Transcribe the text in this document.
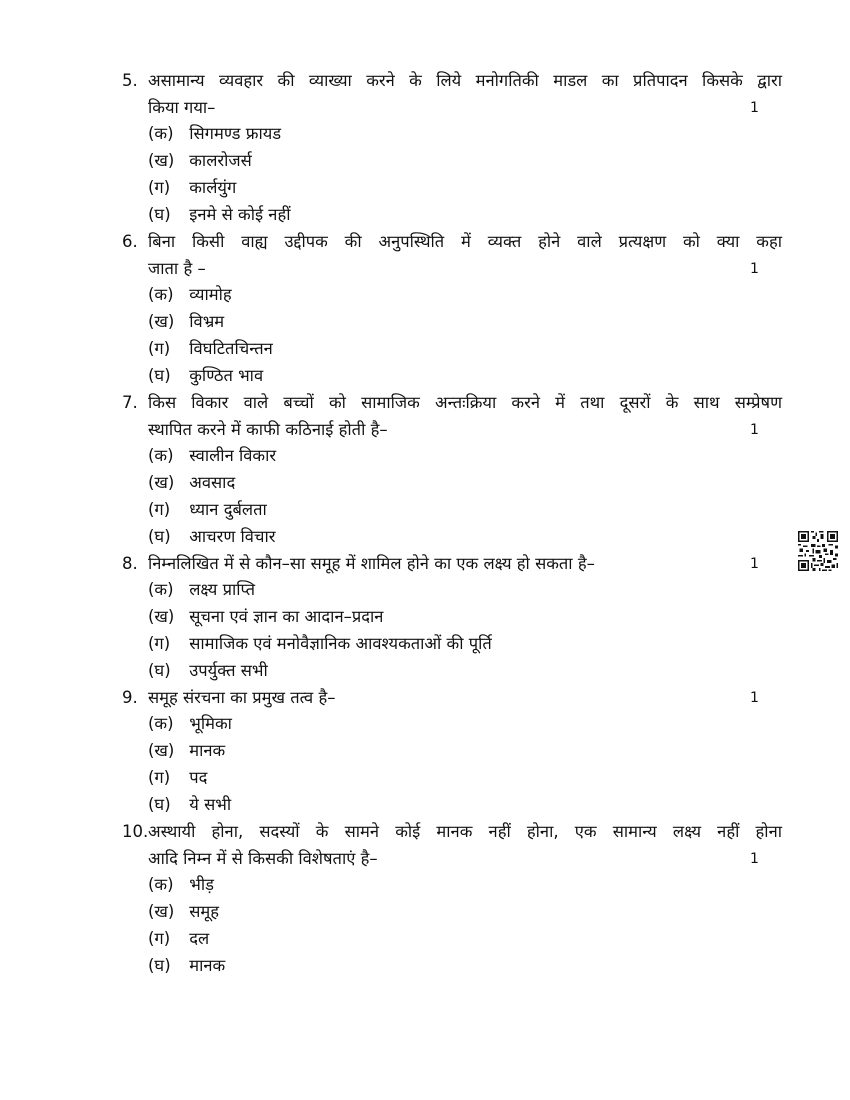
5. असामान्य व्यवहार की व्याख्या करने के लिये मनोगतिकी माडल का प्रतिपादन किसके द्वारा
किया गया–	1
(क) सिगमण्ड फ्रायड
(ख) कालरोजर्स
(ग) कार्लयुंग
(घ) इनमे से कोई नहीं
6. बिना किसी वाह्य उद्दीपक की अनुपस्थिति में व्यक्त होने वाले प्रत्यक्षण को क्या कहा
जाता है –	1
(क) व्यामोह
(ख) विभ्रम
(ग) विघटितचिन्तन
(घ) कुण्ठित भाव
7. किस विकार वाले बच्चों को सामाजिक अन्तःक्रिया करने में तथा दूसरों के साथ सम्प्रेषण
स्थापित करने में काफी कठिनाई होती है–	1
(क) स्वालीन विकार
(ख) अवसाद
(ग) ध्यान दुर्बलता
(घ) आचरण विचार
8. निम्नलिखित में से कौन–सा समूह में शामिल होने का एक लक्ष्य हो सकता है–	1
(क) लक्ष्य प्राप्ति
(ख) सूचना एवं ज्ञान का आदान–प्रदान
(ग) सामाजिक एवं मनोवैज्ञानिक आवश्यकताओं की पूर्ति
(घ) उपर्युक्त सभी
9. समूह संरचना का प्रमुख तत्व है–	1
(क) भूमिका
(ख) मानक
(ग) पद
(घ) ये सभी
10. अस्थायी होना, सदस्यों के सामने कोई मानक नहीं होना, एक सामान्य लक्ष्य नहीं होना
आदि निम्न में से किसकी विशेषताएं है–	1
(क) भीड़
(ख) समूह
(ग) दल
(घ) मानक
